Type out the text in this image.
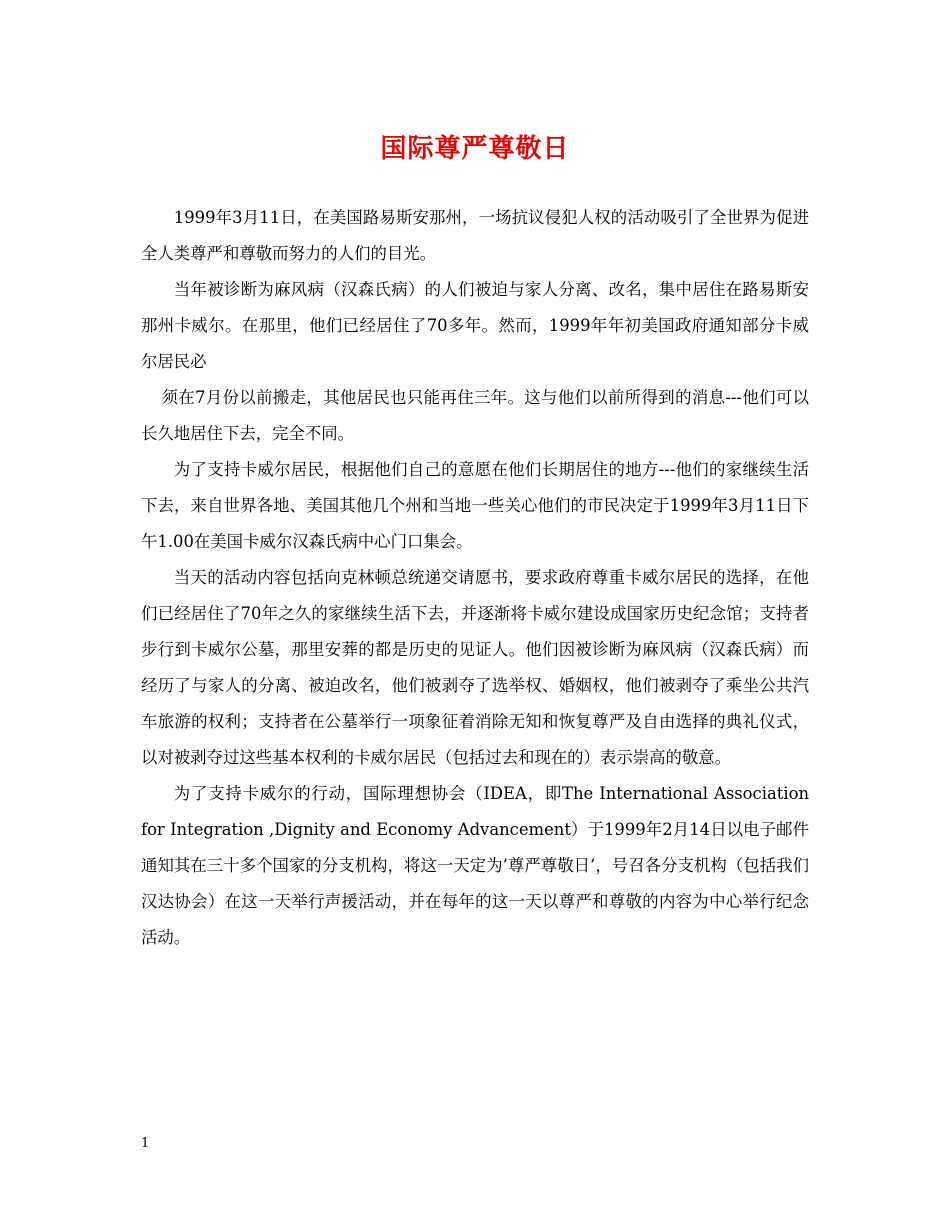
国际尊严尊敬日

1999年3月11日，在美国路易斯安那州，一场抗议侵犯人权的活动吸引了全世界为促进全人类尊严和尊敬而努力的人们的目光。

当年被诊断为麻风病（汉森氏病）的人们被迫与家人分离、改名，集中居住在路易斯安那州卡威尔。在那里，他们已经居住了70多年。然而，1999年年初美国政府通知部分卡威尔居民必

须在7月份以前搬走，其他居民也只能再住三年。这与他们以前所得到的消息---他们可以长久地居住下去，完全不同。

为了支持卡威尔居民，根据他们自己的意愿在他们长期居住的地方---他们的家继续生活下去，来自世界各地、美国其他几个州和当地一些关心他们的市民决定于1999年3月11日下午1.00在美国卡威尔汉森氏病中心门口集会。

当天的活动内容包括向克林顿总统递交请愿书，要求政府尊重卡威尔居民的选择，在他们已经居住了70年之久的家继续生活下去，并逐渐将卡威尔建设成国家历史纪念馆；支持者步行到卡威尔公墓，那里安葬的都是历史的见证人。他们因被诊断为麻风病（汉森氏病）而经历了与家人的分离、被迫改名，他们被剥夺了选举权、婚姻权，他们被剥夺了乘坐公共汽车旅游的权利；支持者在公墓举行一项象征着消除无知和恢复尊严及自由选择的典礼仪式，以对被剥夺过这些基本权利的卡威尔居民（包括过去和现在的）表示崇高的敬意。

为了支持卡威尔的行动，国际理想协会（IDEA，即The International Association for Integration ,Dignity and Economy Advancement）于1999年2月14日以电子邮件通知其在三十多个国家的分支机构，将这一天定为’尊严尊敬日’，号召各分支机构（包括我们汉达协会）在这一天举行声援活动，并在每年的这一天以尊严和尊敬的内容为中心举行纪念活动。

1
